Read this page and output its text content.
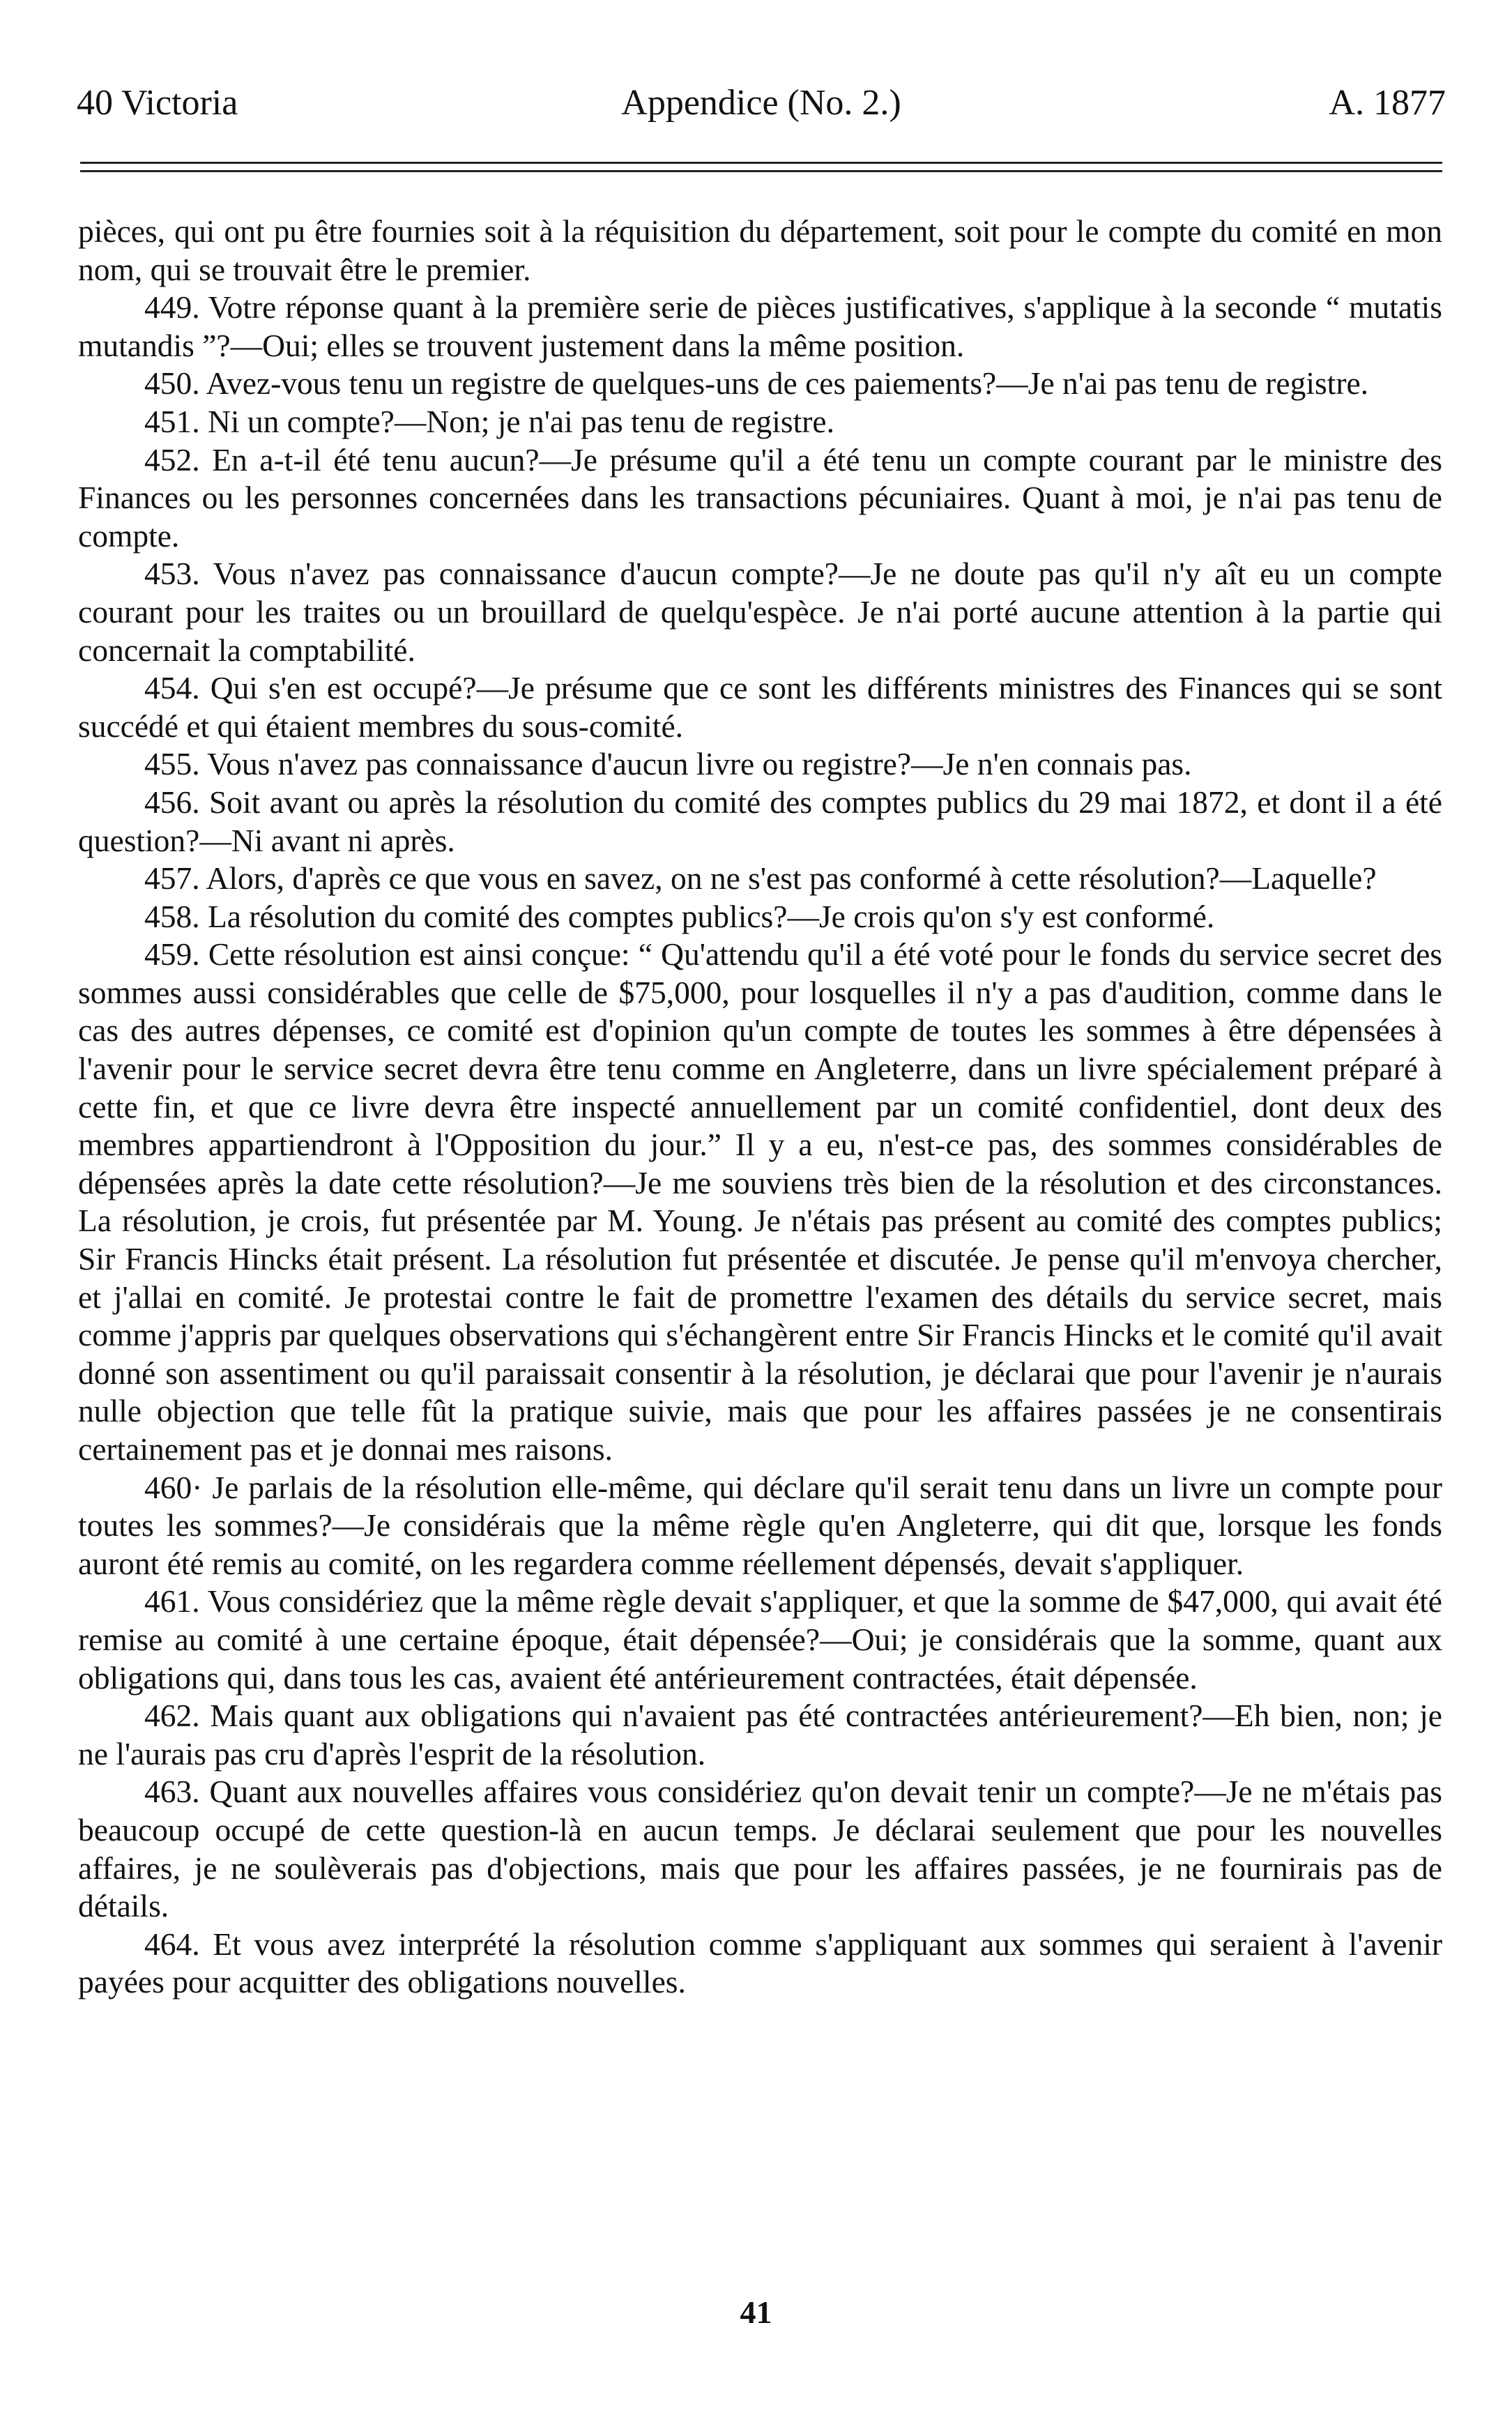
40 Victoria	Appendice (No. 2.)	A. 1877

pièces, qui ont pu être fournies soit à la réquisition du département, soit pour le compte du comité en mon nom, qui se trouvait être le premier.

449. Votre réponse quant à la première serie de pièces justificatives, s'applique à la seconde “ mutatis mutandis ”?—Oui; elles se trouvent justement dans la même position.

450. Avez-vous tenu un registre de quelques-uns de ces paiements?—Je n'ai pas tenu de registre.

451. Ni un compte?—Non; je n'ai pas tenu de registre.

452. En a-t-il été tenu aucun?—Je présume qu'il a été tenu un compte courant par le ministre des Finances ou les personnes concernées dans les transactions pécuniaires. Quant à moi, je n'ai pas tenu de compte.

453. Vous n'avez pas connaissance d'aucun compte?—Je ne doute pas qu'il n'y aît eu un compte courant pour les traites ou un brouillard de quelqu'espèce. Je n'ai porté aucune attention à la partie qui concernait la comptabilité.

454. Qui s'en est occupé?—Je présume que ce sont les différents ministres des Finances qui se sont succédé et qui étaient membres du sous-comité.

455. Vous n'avez pas connaissance d'aucun livre ou registre?—Je n'en connais pas.

456. Soit avant ou après la résolution du comité des comptes publics du 29 mai 1872, et dont il a été question?—Ni avant ni après.

457. Alors, d'après ce que vous en savez, on ne s'est pas conformé à cette résolution?—Laquelle?

458. La résolution du comité des comptes publics?—Je crois qu'on s'y est conformé.

459. Cette résolution est ainsi conçue: “ Qu'attendu qu'il a été voté pour le fonds du service secret des sommes aussi considérables que celle de $75,000, pour losquelles il n'y a pas d'audition, comme dans le cas des autres dépenses, ce comité est d'opinion qu'un compte de toutes les sommes à être dépensées à l'avenir pour le service secret devra être tenu comme en Angleterre, dans un livre spécialement préparé à cette fin, et que ce livre devra être inspecté annuellement par un comité confidentiel, dont deux des membres appartiendront à l'Opposition du jour.” Il y a eu, n'est-ce pas, des sommes considérables de dépensées après la date cette résolution?—Je me souviens très bien de la résolution et des circonstances. La résolution, je crois, fut présentée par M. Young. Je n'étais pas présent au comité des comptes publics; Sir Francis Hincks était présent. La résolution fut présentée et discutée. Je pense qu'il m'envoya chercher, et j'allai en comité. Je protestai contre le fait de promettre l'examen des détails du service secret, mais comme j'appris par quelques observations qui s'échangèrent entre Sir Francis Hincks et le comité qu'il avait donné son assentiment ou qu'il paraissait consentir à la résolution, je déclarai que pour l'avenir je n'aurais nulle objection que telle fût la pratique suivie, mais que pour les affaires passées je ne consentirais certainement pas et je donnai mes raisons.

460· Je parlais de la résolution elle-même, qui déclare qu'il serait tenu dans un livre un compte pour toutes les sommes?—Je considérais que la même règle qu'en Angleterre, qui dit que, lorsque les fonds auront été remis au comité, on les regardera comme réellement dépensés, devait s'appliquer.

461. Vous considériez que la même règle devait s'appliquer, et que la somme de $47,000, qui avait été remise au comité à une certaine époque, était dépensée?—Oui; je considérais que la somme, quant aux obligations qui, dans tous les cas, avaient été antérieurement contractées, était dépensée.

462. Mais quant aux obligations qui n'avaient pas été contractées antérieurement?—Eh bien, non; je ne l'aurais pas cru d'après l'esprit de la résolution.

463. Quant aux nouvelles affaires vous considériez qu'on devait tenir un compte?—Je ne m'étais pas beaucoup occupé de cette question-là en aucun temps. Je déclarai seulement que pour les nouvelles affaires, je ne soulèverais pas d'objections, mais que pour les affaires passées, je ne fournirais pas de détails.

464. Et vous avez interprété la résolution comme s'appliquant aux sommes qui seraient à l'avenir payées pour acquitter des obligations nouvelles.

41
